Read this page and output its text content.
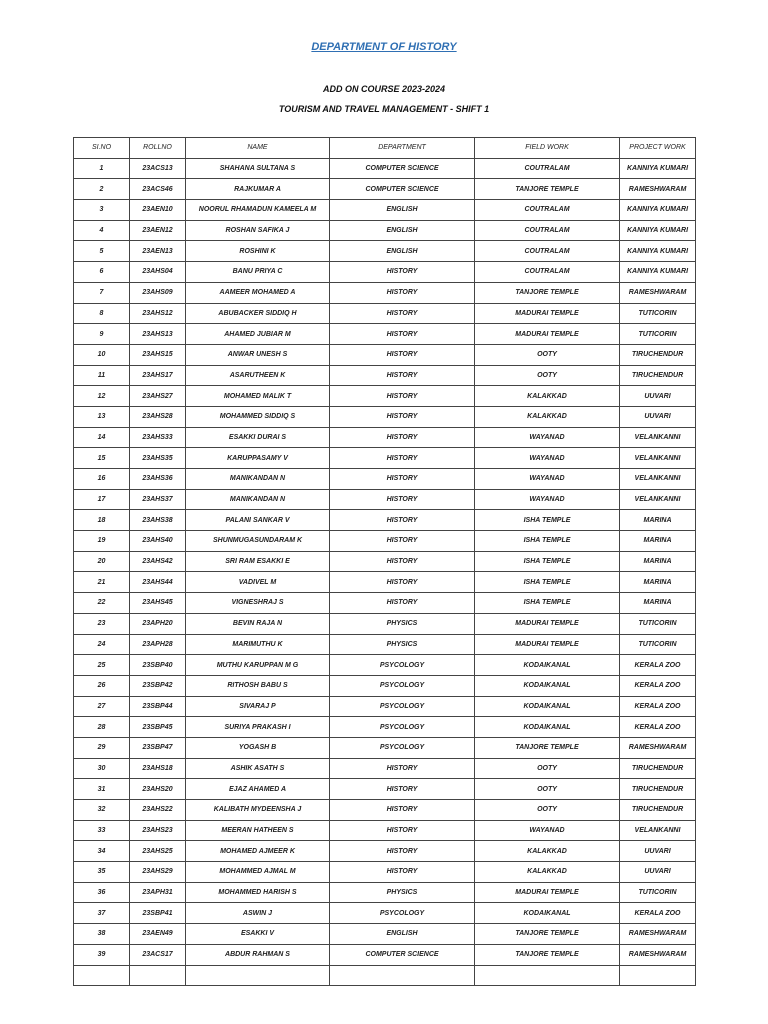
DEPARTMENT OF HISTORY
ADD ON COURSE 2023-2024
TOURISM AND TRAVEL MANAGEMENT - SHIFT 1
SI.NO	ROLLNO	NAME	DEPARTMENT	FIELD WORK	PROJECT WORK
1	23ACS13	SHAHANA SULTANA S	COMPUTER SCIENCE	COUTRALAM	KANNIYA KUMARI
2	23ACS46	RAJKUMAR A	COMPUTER SCIENCE	TANJORE TEMPLE	RAMESHWARAM
3	23AEN10	NOORUL RHAMADUN KAMEELA M	ENGLISH	COUTRALAM	KANNIYA KUMARI
4	23AEN12	ROSHAN SAFIKA J	ENGLISH	COUTRALAM	KANNIYA KUMARI
5	23AEN13	ROSHINI K	ENGLISH	COUTRALAM	KANNIYA KUMARI
6	23AHS04	BANU PRIYA C	HISTORY	COUTRALAM	KANNIYA KUMARI
7	23AHS09	AAMEER MOHAMED A	HISTORY	TANJORE TEMPLE	RAMESHWARAM
8	23AHS12	ABUBACKER SIDDIQ H	HISTORY	MADURAI TEMPLE	TUTICORIN
9	23AHS13	AHAMED JUBIAR M	HISTORY	MADURAI TEMPLE	TUTICORIN
10	23AHS15	ANWAR UNESH S	HISTORY	OOTY	TIRUCHENDUR
11	23AHS17	ASARUTHEEN K	HISTORY	OOTY	TIRUCHENDUR
12	23AHS27	MOHAMED MALIK T	HISTORY	KALAKKAD	UUVARI
13	23AHS28	MOHAMMED SIDDIQ S	HISTORY	KALAKKAD	UUVARI
14	23AHS33	ESAKKI DURAI S	HISTORY	WAYANAD	VELANKANNI
15	23AHS35	KARUPPASAMY V	HISTORY	WAYANAD	VELANKANNI
16	23AHS36	MANIKANDAN N	HISTORY	WAYANAD	VELANKANNI
17	23AHS37	MANIKANDAN N	HISTORY	WAYANAD	VELANKANNI
18	23AHS38	PALANI SANKAR V	HISTORY	ISHA TEMPLE	MARINA
19	23AHS40	SHUNMUGASUNDARAM K	HISTORY	ISHA TEMPLE	MARINA
20	23AHS42	SRI RAM ESAKKI E	HISTORY	ISHA TEMPLE	MARINA
21	23AHS44	VADIVEL M	HISTORY	ISHA TEMPLE	MARINA
22	23AHS45	VIGNESHRAJ S	HISTORY	ISHA TEMPLE	MARINA
23	23APH20	BEVIN RAJA N	PHYSICS	MADURAI TEMPLE	TUTICORIN
24	23APH28	MARIMUTHU K	PHYSICS	MADURAI TEMPLE	TUTICORIN
25	23SBP40	MUTHU KARUPPAN M G	PSYCOLOGY	KODAIKANAL	KERALA ZOO
26	23SBP42	RITHOSH BABU S	PSYCOLOGY	KODAIKANAL	KERALA ZOO
27	23SBP44	SIVARAJ P	PSYCOLOGY	KODAIKANAL	KERALA ZOO
28	23SBP45	SURIYA PRAKASH I	PSYCOLOGY	KODAIKANAL	KERALA ZOO
29	23SBP47	YOGASH B	PSYCOLOGY	TANJORE TEMPLE	RAMESHWARAM
30	23AHS18	ASHIK ASATH S	HISTORY	OOTY	TIRUCHENDUR
31	23AHS20	EJAZ AHAMED A	HISTORY	OOTY	TIRUCHENDUR
32	23AHS22	KALIBATH MYDEENSHA J	HISTORY	OOTY	TIRUCHENDUR
33	23AHS23	MEERAN HATHEEN S	HISTORY	WAYANAD	VELANKANNI
34	23AHS25	MOHAMED AJMEER K	HISTORY	KALAKKAD	UUVARI
35	23AHS29	MOHAMMED AJMAL M	HISTORY	KALAKKAD	UUVARI
36	23APH31	MOHAMMED HARISH S	PHYSICS	MADURAI TEMPLE	TUTICORIN
37	23SBP41	ASWIN J	PSYCOLOGY	KODAIKANAL	KERALA ZOO
38	23AEN49	ESAKKI V	ENGLISH	TANJORE TEMPLE	RAMESHWARAM
39	23ACS17	ABDUR RAHMAN S	COMPUTER SCIENCE	TANJORE TEMPLE	RAMESHWARAM
